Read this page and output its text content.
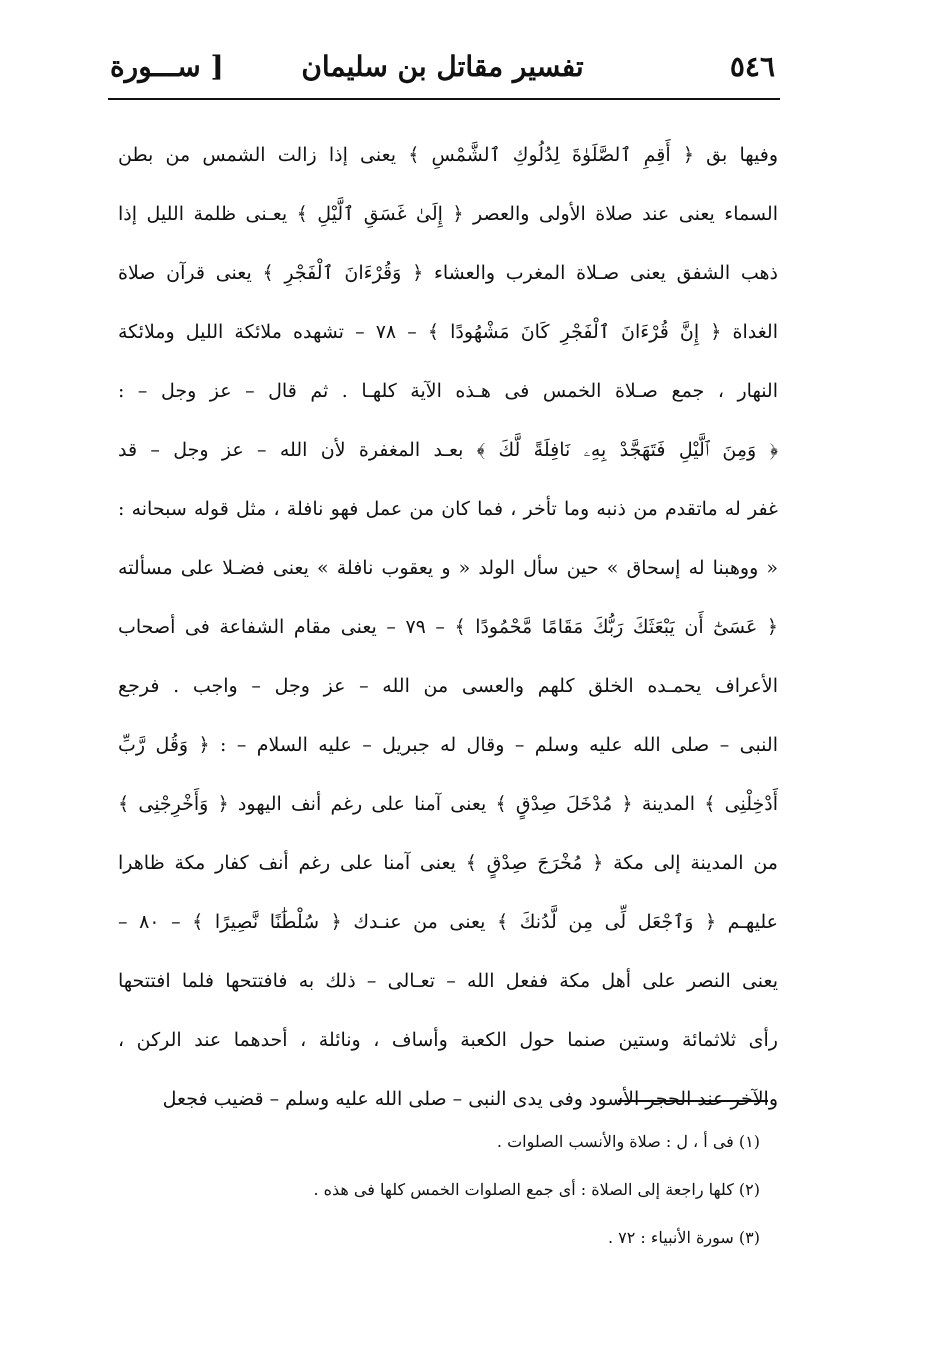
٥٤٦
تفسير مقاتل بن سليمان
[ ســـورة

وفيها بق ﴿ أَقِمِ ٱلصَّلَوٰةَ لِدُلُوكِ ٱلشَّمْسِ ﴾ يعنى إذا زالت الشمس من بطن

السماء يعنى عند صلاة الأولى والعصر ﴿ إِلَىٰ غَسَقِ ٱلَّيْلِ ﴾ يعـنى ظلمة الليل إذا

ذهب الشفق يعنى صـلاة المغرب والعشاء ﴿ وَقُرْءَانَ ٱلْفَجْرِ ﴾ يعنى قرآن صلاة

الغداة ﴿ إِنَّ قُرْءَانَ ٱلْفَجْرِ كَانَ مَشْهُودًا ﴾ – ٧٨ – تشهده ملائكة الليل وملائكة

النهار ، جمع صـلاة الخمس فى هـذه الآية كلهـا . ثم قال – عز وجل – :

﴿ وَمِنَ ٱلَّيْلِ فَتَهَجَّدْ بِهِۦ نَافِلَةً لَّكَ ﴾ بعـد المغفرة لأن الله – عز وجل – قد

غفر له ماتقدم من ذنبه وما تأخر ، فما كان من عمل فهو نافلة ، مثل قوله سبحانه :

« ووهبنا له إسحاق » حين سأل الولد « و يعقوب نافلة » يعنى فضـلا على مسألته

﴿ عَسَىٰٓ أَن يَبْعَثَكَ رَبُّكَ مَقَامًا مَّحْمُودًا ﴾ – ٧٩ – يعنى مقام الشفاعة فى أصحاب

الأعراف يحمـده الخلق كلهم والعسى من الله – عز وجل – واجب . فرجع

النبى – صلى الله عليه وسلم – وقال له جبريل – عليه السلام – : ﴿ وَقُل رَّبِّ

أَدْخِلْنِى ﴾ المدينة ﴿ مُدْخَلَ صِدْقٍ ﴾ يعنى آمنا على رغم أنف اليهود ﴿ وَأَخْرِجْنِى ﴾

من المدينة إلى مكة ﴿ مُخْرَجَ صِدْقٍ ﴾ يعنى آمنا على رغم أنف كفار مكة ظاهرا

عليهـم ﴿ وَٱجْعَل لِّى مِن لَّدُنكَ ﴾ يعنى من عنـدك ﴿ سُلْطَٰنًا نَّصِيرًا ﴾ – ٨٠ –

يعنى النصر على أهل مكة ففعل الله – تعـالى – ذلك به فافتتحها فلما افتتحها

رأى ثلاثمائة وستين صنما حول الكعبة وأساف ، ونائلة ، أحدهما عند الركن ،

والآخر عند الحجر الأسود وفى يدى النبى – صلى الله عليه وسلم – قضيب فجعل

(١) فى أ ، ل : صلاة والأنسب الصلوات .
(٢) كلها راجعة إلى الصلاة : أى جمع الصلوات الخمس كلها فى هذه .
(٣) سورة الأنبياء : ٧٢ .
